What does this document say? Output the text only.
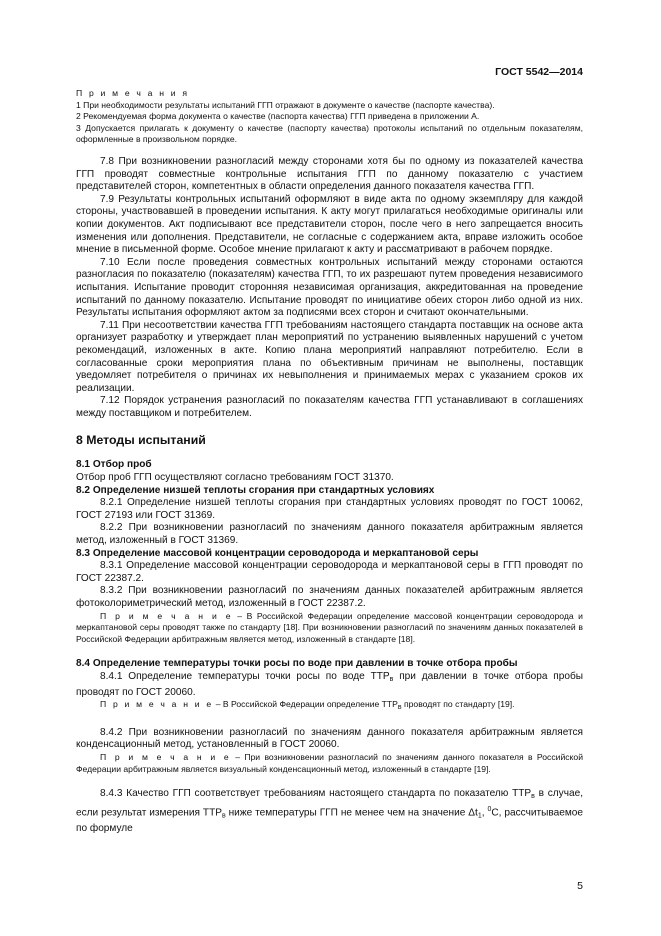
ГОСТ 5542—2014

П р и м е ч а н и я

1 При необходимости результаты испытаний ГГП отражают в документе о качестве (паспорте качества).

2 Рекомендуемая форма документа о качестве (паспорта качества) ГГП приведена в приложении А.

3 Допускается прилагать к документу о качестве (паспорту качества) протоколы испытаний по отдельным показателям, оформленные в произвольном порядке.

7.8 При возникновении разногласий между сторонами хотя бы по одному из показателей качества ГГП проводят совместные контрольные испытания ГГП по данному показателю с участием представителей сторон, компетентных в области определения данного показателя качества ГГП.

7.9 Результаты контрольных испытаний оформляют в виде акта по одному экземпляру для каждой стороны, участвовавшей в проведении испытания. К акту могут прилагаться необходимые оригиналы или копии документов. Акт подписывают все представители сторон, после чего в него запрещается вносить изменения или дополнения. Представители, не согласные с содержанием акта, вправе изложить особое мнение в письменной форме. Особое мнение прилагают к акту и рассматривают в рабочем порядке.

7.10 Если после проведения совместных контрольных испытаний между сторонами остаются разногласия по показателю (показателям) качества ГГП, то их разрешают путем проведения независимого испытания. Испытание проводит сторонняя независимая организация, аккредитованная на проведение испытаний по данному показателю. Испытание проводят по инициативе обеих сторон либо одной из них. Результаты испытания оформляют актом за подписями всех сторон и считают окончательными.

7.11 При несоответствии качества ГГП требованиям настоящего стандарта поставщик на основе акта организует разработку и утверждает план мероприятий по устранению выявленных нарушений с учетом рекомендаций, изложенных в акте. Копию плана мероприятий направляют потребителю. Если в согласованные сроки мероприятия плана по объективным причинам не выполнены, поставщик уведомляет потребителя о причинах их невыполнения и принимаемых мерах с указанием сроков их реализации.

7.12 Порядок устранения разногласий по показателям качества ГГП устанавливают в соглашениях между поставщиком и потребителем.

8 Методы испытаний

8.1 Отбор проб

Отбор проб ГГП осуществляют согласно требованиям ГОСТ 31370.

8.2 Определение низшей теплоты сгорания при стандартных условиях

8.2.1 Определение низшей теплоты сгорания при стандартных условиях проводят по ГОСТ 10062, ГОСТ 27193 или ГОСТ 31369.

8.2.2 При возникновении разногласий по значениям данного показателя арбитражным является метод, изложенный в ГОСТ 31369.

8.3 Определение массовой концентрации сероводорода и меркаптановой серы

8.3.1 Определение массовой концентрации сероводорода и меркаптановой серы в ГГП проводят по ГОСТ 22387.2.

8.3.2 При возникновении разногласий по значениям данных показателей арбитражным является фотоколориметрический метод, изложенный в ГОСТ 22387.2.

П р и м е ч а н и е – В Российской Федерации определение массовой концентрации сероводорода и меркаптановой серы проводят также по стандарту [18]. При возникновении разногласий по значениям данных показателей в Российской Федерации арбитражным является метод, изложенный в стандарте [18].

8.4 Определение температуры точки росы по воде при давлении в точке отбора пробы

8.4.1 Определение температуры точки росы по воде $ТТР_в$ при давлении в точке отбора пробы проводят по ГОСТ 20060.

П р и м е ч а н и е – В Российской Федерации определение $ТТР_в$ проводят по стандарту [19].

8.4.2 При возникновении разногласий по значениям данного показателя арбитражным является конденсационный метод, установленный в ГОСТ 20060.

П р и м е ч а н и е – При возникновении разногласий по значениям данного показателя в Российской Федерации арбитражным является визуальный конденсационный метод, изложенный в стандарте [19].

8.4.3 Качество ГГП соответствует требованиям настоящего стандарта по показателю $ТТР_в$ в случае, если результат измерения $ТТР_в$ ниже температуры ГГП не менее чем на значение $\Delta t_1$, $^0$С, рассчитываемое по формуле

5
